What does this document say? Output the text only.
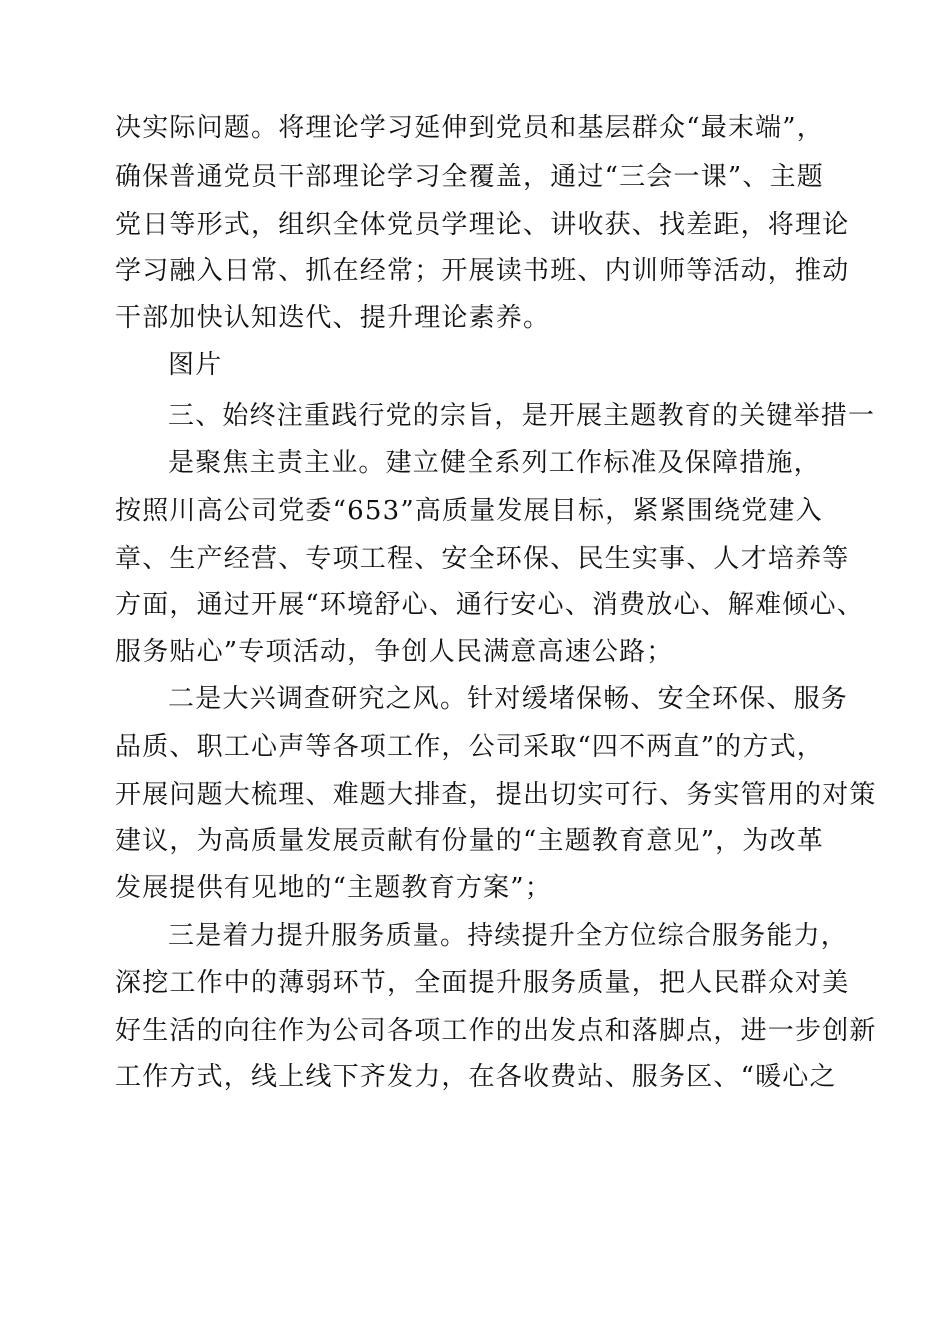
决实际问题。将理论学习延伸到党员和基层群众“最末端”，
确保普通党员干部理论学习全覆盖，通过“三会一课”、主题
党日等形式，组织全体党员学理论、讲收获、找差距，将理论
学习融入日常、抓在经常；开展读书班、内训师等活动，推动
干部加快认知迭代、提升理论素养。
图片
三、始终注重践行党的宗旨，是开展主题教育的关键举措一
是聚焦主责主业。建立健全系列工作标准及保障措施，
按照川高公司党委“653”高质量发展目标，紧紧围绕党建入
章、生产经营、专项工程、安全环保、民生实事、人才培养等
方面，通过开展“环境舒心、通行安心、消费放心、解难倾心、
服务贴心”专项活动，争创人民满意高速公路；
二是大兴调查研究之风。针对缓堵保畅、安全环保、服务
品质、职工心声等各项工作，公司采取“四不两直”的方式，
开展问题大梳理、难题大排查，提出切实可行、务实管用的对策
建议，为高质量发展贡献有份量的“主题教育意见”，为改革
发展提供有见地的“主题教育方案”；
三是着力提升服务质量。持续提升全方位综合服务能力，
深挖工作中的薄弱环节，全面提升服务质量，把人民群众对美
好生活的向往作为公司各项工作的出发点和落脚点，进一步创新
工作方式，线上线下齐发力，在各收费站、服务区、“暖心之
